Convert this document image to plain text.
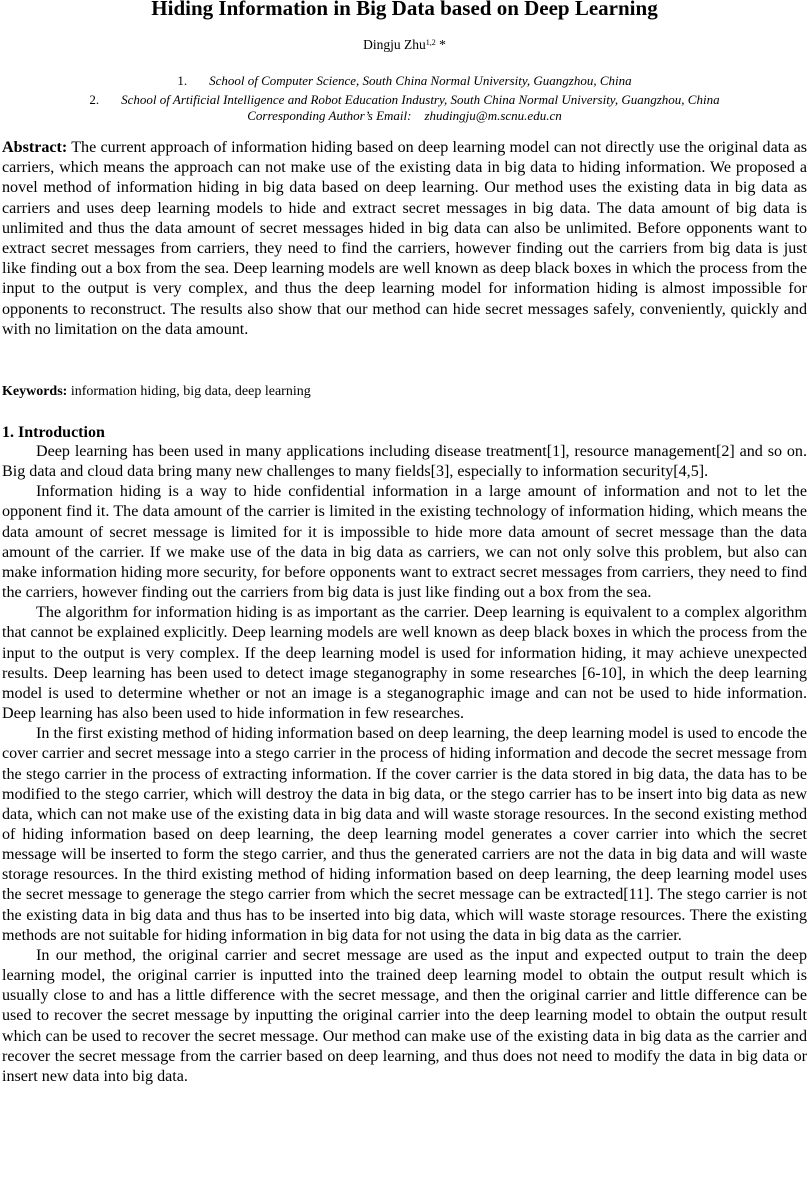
Hiding Information in Big Data based on Deep Learning
Dingju Zhu$^{1,2}$ *
1. School of Computer Science, South China Normal University, Guangzhou, China
2. School of Artificial Intelligence and Robot Education Industry, South China Normal University, Guangzhou, China
Corresponding Author’s Email:    zhudingju@m.scnu.edu.cn
Abstract: The current approach of information hiding based on deep learning model can not directly use the original data as carriers, which means the approach can not make use of the existing data in big data to hiding information. We proposed a novel method of information hiding in big data based on deep learning. Our method uses the existing data in big data as carriers and uses deep learning models to hide and extract secret messages in big data. The data amount of big data is unlimited and thus the data amount of secret messages hided in big data can also be unlimited. Before opponents want to extract secret messages from carriers, they need to find the carriers, however finding out the carriers from big data is just like finding out a box from the sea. Deep learning models are well known as deep black boxes in which the process from the input to the output is very complex, and thus the deep learning model for information hiding is almost impossible for opponents to reconstruct. The results also show that our method can hide secret messages safely, conveniently, quickly and with no limitation on the data amount.
Keywords: information hiding, big data, deep learning
1. Introduction

Deep learning has been used in many applications including disease treatment[1], resource management[2] and so on. Big data and cloud data bring many new challenges to many fields[3], especially to information security[4,5].

Information hiding is a way to hide confidential information in a large amount of information and not to let the opponent find it. The data amount of the carrier is limited in the existing technology of information hiding, which means the data amount of secret message is limited for it is impossible to hide more data amount of secret message than the data amount of the carrier. If we make use of the data in big data as carriers, we can not only solve this problem, but also can make information hiding more security, for before opponents want to extract secret messages from carriers, they need to find the carriers, however finding out the carriers from big data is just like finding out a box from the sea.

The algorithm for information hiding is as important as the carrier. Deep learning is equivalent to a complex algorithm that cannot be explained explicitly. Deep learning models are well known as deep black boxes in which the process from the input to the output is very complex. If the deep learning model is used for information hiding, it may achieve unexpected results. Deep learning has been used to detect image steganography in some researches [6-10], in which the deep learning model is used to determine whether or not an image is a steganographic image and can not be used to hide information. Deep learning has also been used to hide information in few researches.

In the first existing method of hiding information based on deep learning, the deep learning model is used to encode the cover carrier and secret message into a stego carrier in the process of hiding information and decode the secret message from the stego carrier in the process of extracting information. If the cover carrier is the data stored in big data, the data has to be modified to the stego carrier, which will destroy the data in big data, or the stego carrier has to be insert into big data as new data, which can not make use of the existing data in big data and will waste storage resources. In the second existing method of hiding information based on deep learning, the deep learning model generates a cover carrier into which the secret message will be inserted to form the stego carrier, and thus the generated carriers are not the data in big data and will waste storage resources. In the third existing method of hiding information based on deep learning, the deep learning model uses the secret message to generage the stego carrier from which the secret message can be extracted[11]. The stego carrier is not the existing data in big data and thus has to be inserted into big data, which will waste storage resources. There the existing methods are not suitable for hiding information in big data for not using the data in big data as the carrier.

In our method, the original carrier and secret message are used as the input and expected output to train the deep learning model, the original carrier is inputted into the trained deep learning model to obtain the output result which is usually close to and has a little difference with the secret message, and then the original carrier and little difference can be used to recover the secret message by inputting the original carrier into the deep learning model to obtain the output result which can be used to recover the secret message. Our method can make use of the existing data in big data as the carrier and recover the secret message from the carrier based on deep learning, and thus does not need to modify the data in big data or insert new data into big data.
